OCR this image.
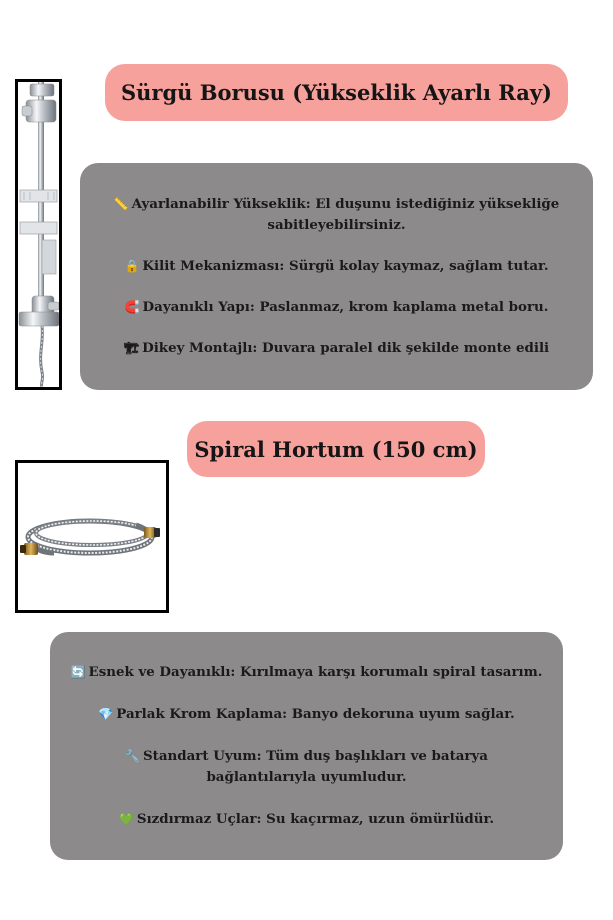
Sürgü Borusu (Yükseklik Ayarlı Ray)
📏 Ayarlanabilir Yükseklik: El duşunu istediğiniz yüksekliğe sabitleyebilirsiniz.
🔒 Kilit Mekanizması: Sürgü kolay kaymaz, sağlam tutar.
🧲 Dayanıklı Yapı: Paslanmaz, krom kaplama metal boru.
🏗 Dikey Montajlı: Duvara paralel dik şekilde monte edili
Spiral Hortum (150 cm)
🔄 Esnek ve Dayanıklı: Kırılmaya karşı korumalı spiral tasarım.
💎 Parlak Krom Kaplama: Banyo dekoruna uyum sağlar.
🔧 Standart Uyum: Tüm duş başlıkları ve batarya bağlantılarıyla uyumludur.
💚 Sızdırmaz Uçlar: Su kaçırmaz, uzun ömürlüdür.
